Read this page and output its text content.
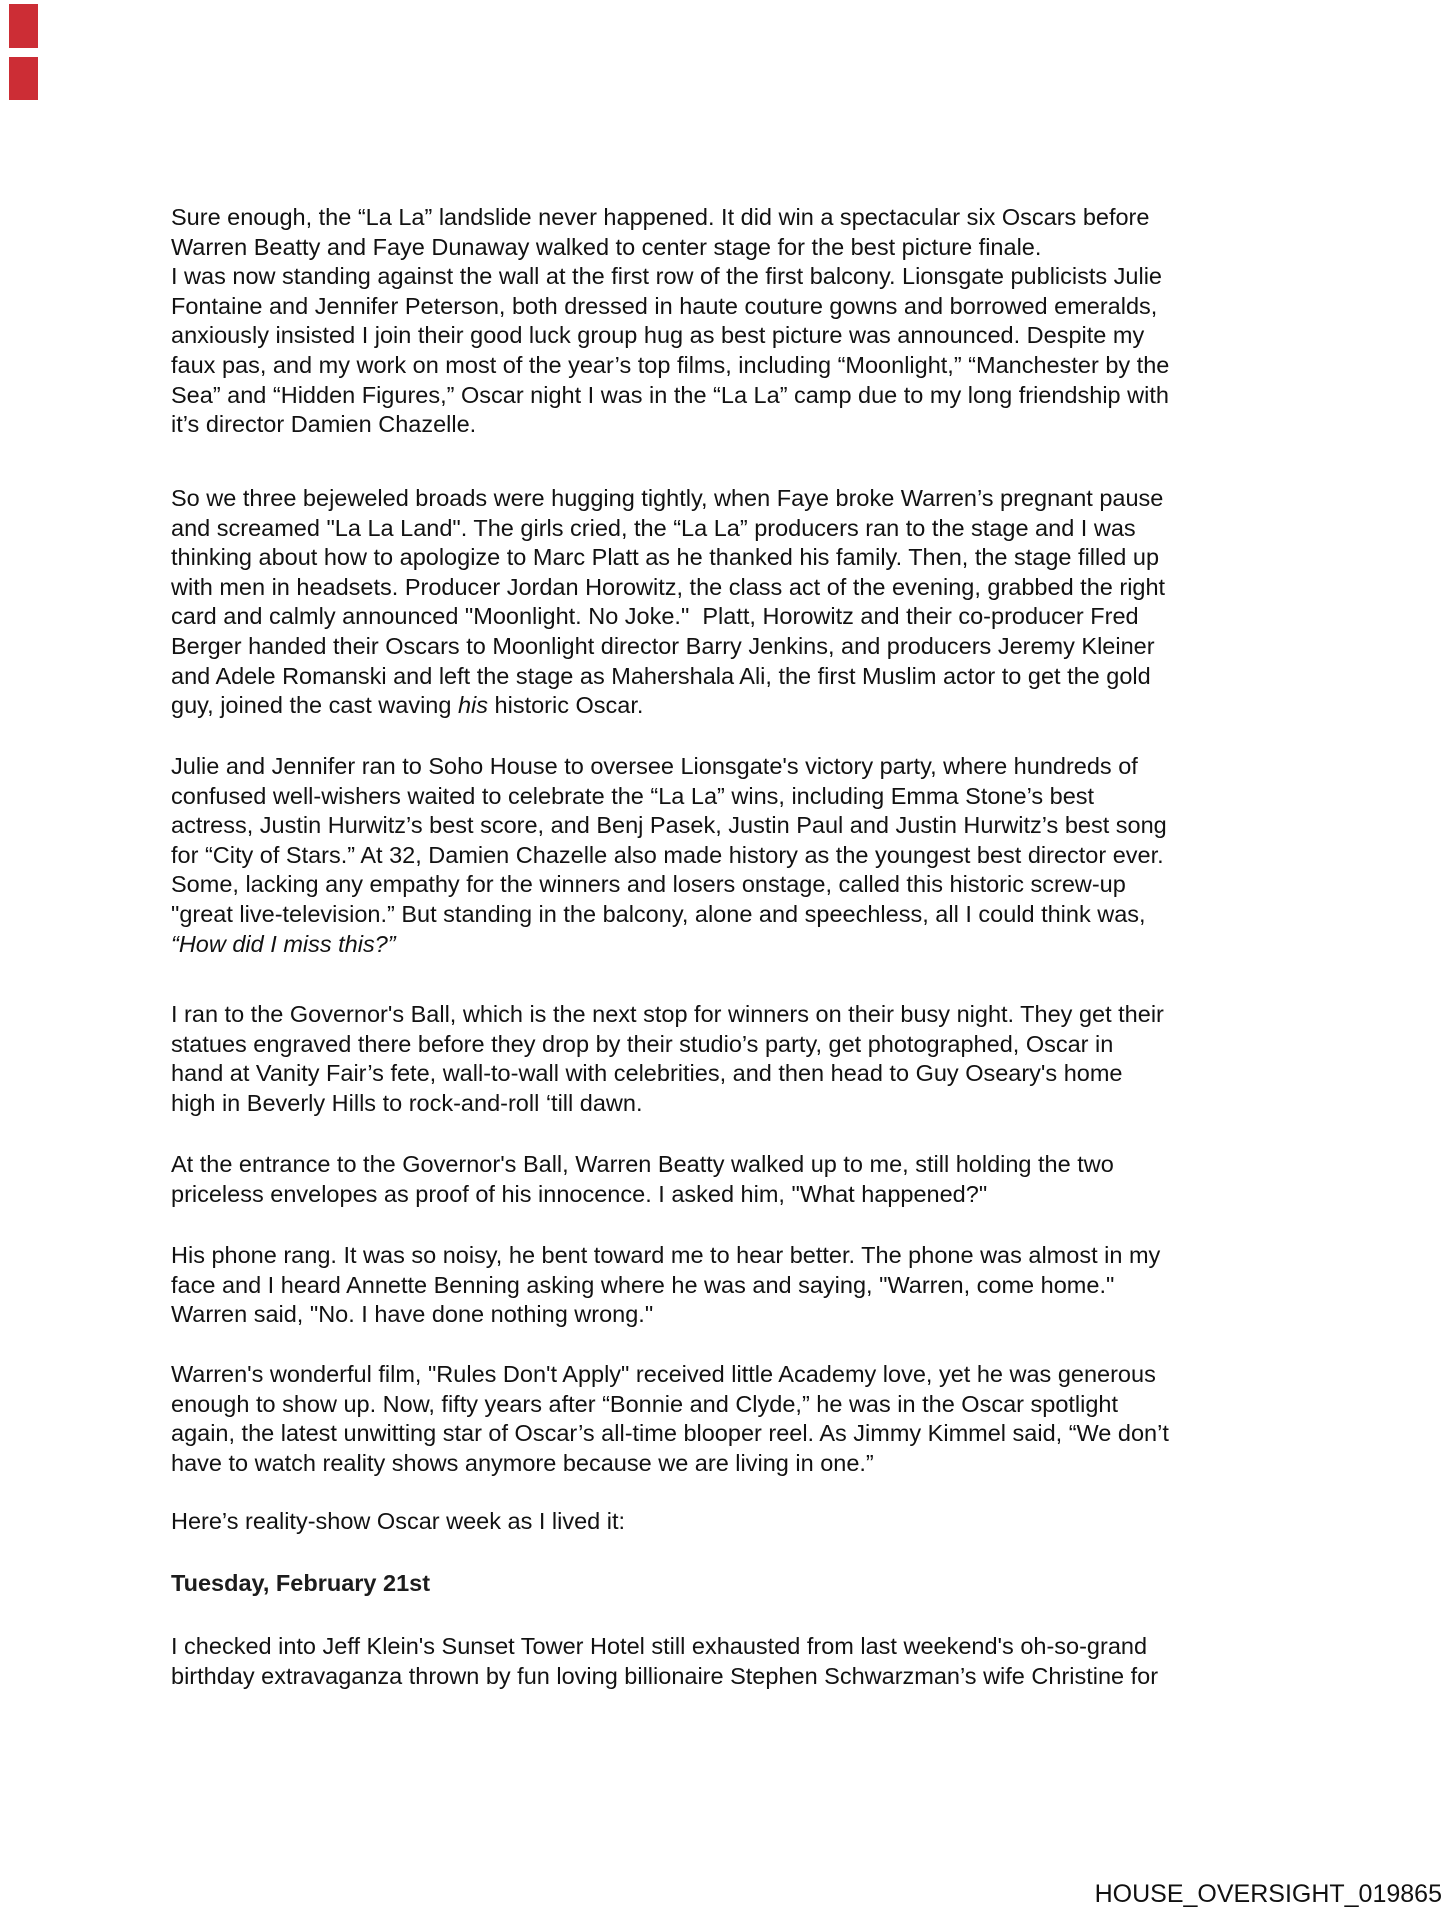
Sure enough, the “La La” landslide never happened. It did win a spectacular six Oscars before
Warren Beatty and Faye Dunaway walked to center stage for the best picture finale.
I was now standing against the wall at the first row of the first balcony. Lionsgate publicists Julie
Fontaine and Jennifer Peterson, both dressed in haute couture gowns and borrowed emeralds,
anxiously insisted I join their good luck group hug as best picture was announced. Despite my
faux pas, and my work on most of the year’s top films, including “Moonlight,” “Manchester by the
Sea” and “Hidden Figures,” Oscar night I was in the “La La” camp due to my long friendship with
it’s director Damien Chazelle.
So we three bejeweled broads were hugging tightly, when Faye broke Warren’s pregnant pause
and screamed "La La Land". The girls cried, the “La La” producers ran to the stage and I was
thinking about how to apologize to Marc Platt as he thanked his family. Then, the stage filled up
with men in headsets. Producer Jordan Horowitz, the class act of the evening, grabbed the right
card and calmly announced "Moonlight. No Joke."  Platt, Horowitz and their co-producer Fred
Berger handed their Oscars to Moonlight director Barry Jenkins, and producers Jeremy Kleiner
and Adele Romanski and left the stage as Mahershala Ali, the first Muslim actor to get the gold
guy, joined the cast waving his historic Oscar.
Julie and Jennifer ran to Soho House to oversee Lionsgate's victory party, where hundreds of
confused well-wishers waited to celebrate the “La La” wins, including Emma Stone’s best
actress, Justin Hurwitz’s best score, and Benj Pasek, Justin Paul and Justin Hurwitz’s best song
for “City of Stars.” At 32, Damien Chazelle also made history as the youngest best director ever.
Some, lacking any empathy for the winners and losers onstage, called this historic screw-up
"great live-television.” But standing in the balcony, alone and speechless, all I could think was,
“How did I miss this?”
I ran to the Governor's Ball, which is the next stop for winners on their busy night. They get their
statues engraved there before they drop by their studio’s party, get photographed, Oscar in
hand at Vanity Fair’s fete, wall-to-wall with celebrities, and then head to Guy Oseary's home
high in Beverly Hills to rock-and-roll ‘till dawn.
At the entrance to the Governor's Ball, Warren Beatty walked up to me, still holding the two
priceless envelopes as proof of his innocence. I asked him, "What happened?"
His phone rang. It was so noisy, he bent toward me to hear better. The phone was almost in my
face and I heard Annette Benning asking where he was and saying, "Warren, come home."
Warren said, "No. I have done nothing wrong."
Warren's wonderful film, "Rules Don't Apply" received little Academy love, yet he was generous
enough to show up. Now, fifty years after “Bonnie and Clyde,” he was in the Oscar spotlight
again, the latest unwitting star of Oscar’s all-time blooper reel. As Jimmy Kimmel said, “We don’t
have to watch reality shows anymore because we are living in one.”
Here’s reality-show Oscar week as I lived it:
Tuesday, February 21st
I checked into Jeff Klein's Sunset Tower Hotel still exhausted from last weekend's oh-so-grand
birthday extravaganza thrown by fun loving billionaire Stephen Schwarzman’s wife Christine for
HOUSE_OVERSIGHT_019865
